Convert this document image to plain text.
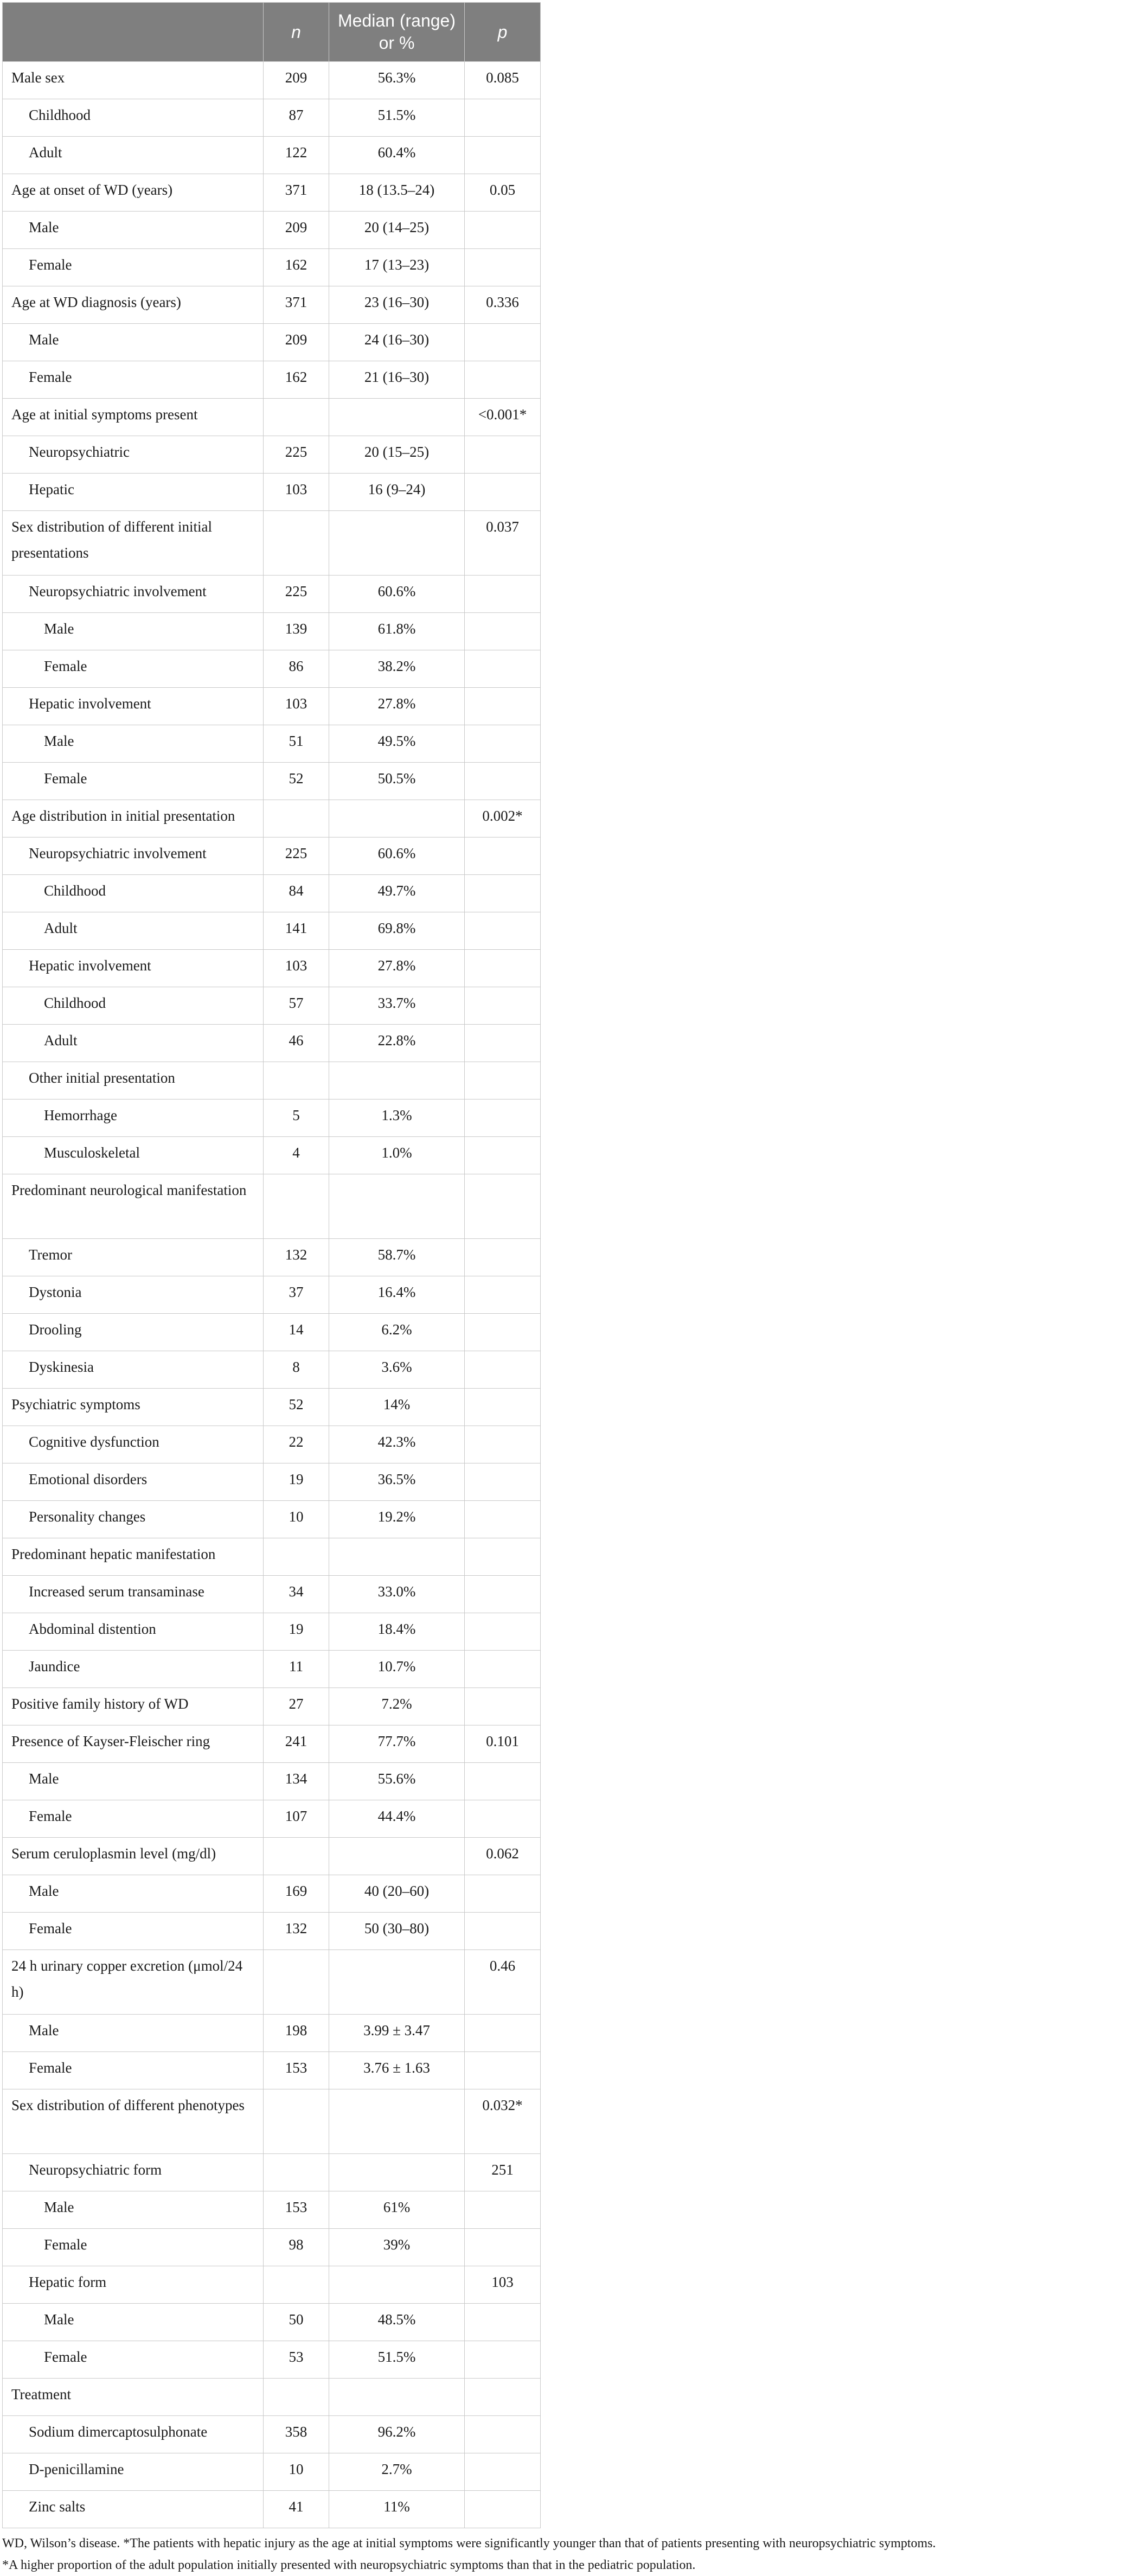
	n	Median (range) or %	p
Male sex	209	56.3%	0.085
Childhood	87	51.5%	
Adult	122	60.4%	
Age at onset of WD (years)	371	18 (13.5–24)	0.05
Male	209	20 (14–25)	
Female	162	17 (13–23)	
Age at WD diagnosis (years)	371	23 (16–30)	0.336
Male	209	24 (16–30)	
Female	162	21 (16–30)	
Age at initial symptoms present			<0.001*
Neuropsychiatric	225	20 (15–25)	
Hepatic	103	16 (9–24)	
Sex distribution of different initial presentations			0.037
Neuropsychiatric involvement	225	60.6%	
Male	139	61.8%	
Female	86	38.2%	
Hepatic involvement	103	27.8%	
Male	51	49.5%	
Female	52	50.5%	
Age distribution in initial presentation			0.002*
Neuropsychiatric involvement	225	60.6%	
Childhood	84	49.7%	
Adult	141	69.8%	
Hepatic involvement	103	27.8%	
Childhood	57	33.7%	
Adult	46	22.8%	
Other initial presentation			
Hemorrhage	5	1.3%	
Musculoskeletal	4	1.0%	
Predominant neurological manifestation			
Tremor	132	58.7%	
Dystonia	37	16.4%	
Drooling	14	6.2%	
Dyskinesia	8	3.6%	
Psychiatric symptoms	52	14%	
Cognitive dysfunction	22	42.3%	
Emotional disorders	19	36.5%	
Personality changes	10	19.2%	
Predominant hepatic manifestation			
Increased serum transaminase	34	33.0%	
Abdominal distention	19	18.4%	
Jaundice	11	10.7%	
Positive family history of WD	27	7.2%	
Presence of Kayser-Fleischer ring	241	77.7%	0.101
Male	134	55.6%	
Female	107	44.4%	
Serum ceruloplasmin level (mg/dl)			0.062
Male	169	40 (20–60)	
Female	132	50 (30–80)	
24 h urinary copper excretion (μmol/24 h)			0.46
Male	198	3.99 ± 3.47	
Female	153	3.76 ± 1.63	
Sex distribution of different phenotypes			0.032*
Neuropsychiatric form			251
Male	153	61%	
Female	98	39%	
Hepatic form			103
Male	50	48.5%	
Female	53	51.5%	
Treatment			
Sodium dimercaptosulphonate	358	96.2%	
D-penicillamine	10	2.7%	
Zinc salts	41	11%	

WD, Wilson’s disease. *The patients with hepatic injury as the age at initial symptoms were significantly younger than that of patients presenting with neuropsychiatric symptoms.

*A higher proportion of the adult population initially presented with neuropsychiatric symptoms than that in the pediatric population.
